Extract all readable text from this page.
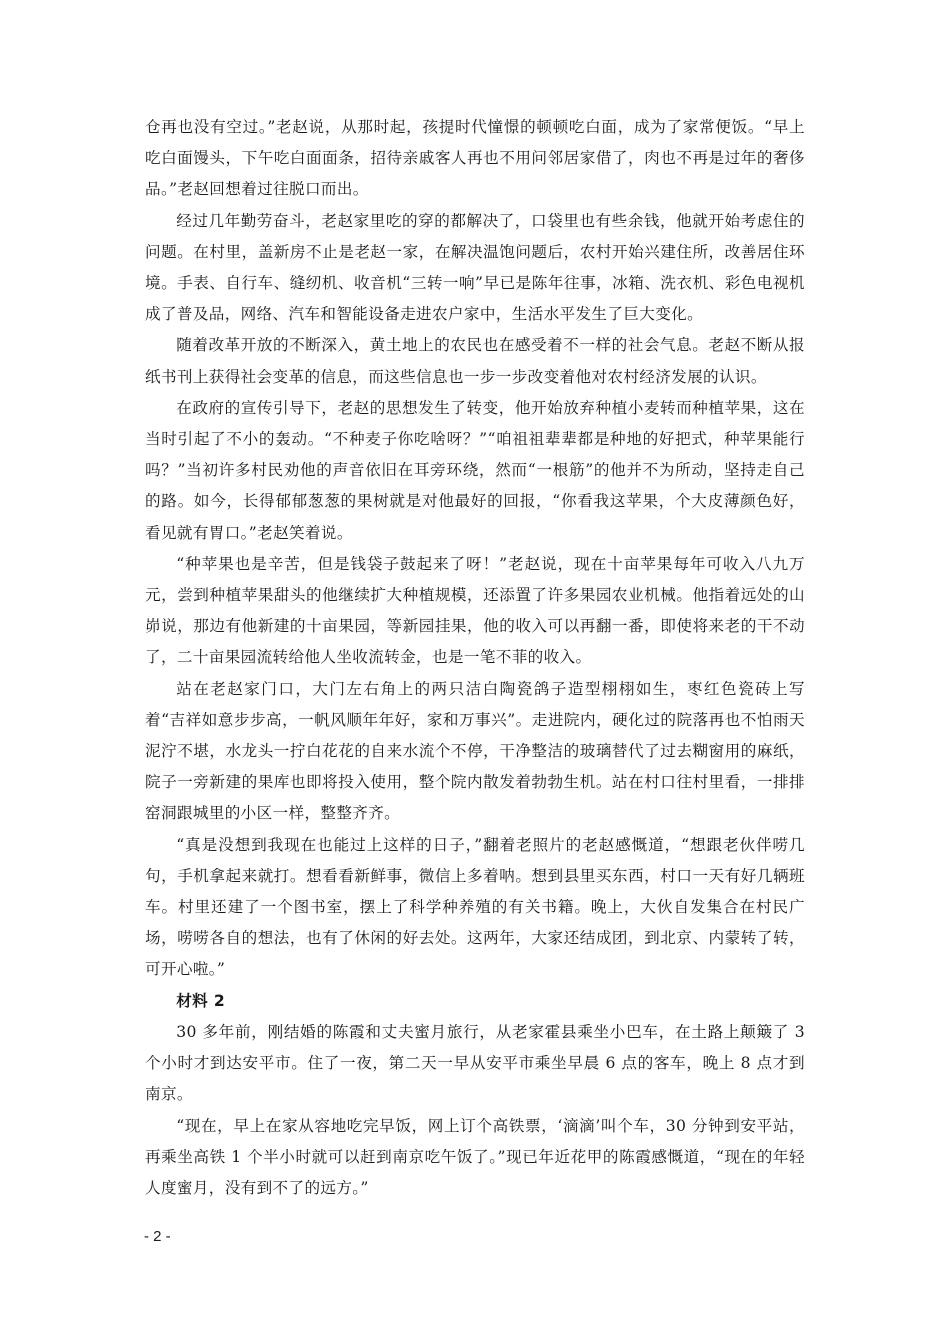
仓再也没有空过。”老赵说，从那时起，孩提时代憧憬的顿顿吃白面，成为了家常便饭。“早上吃白面馒头，下午吃白面面条，招待亲戚客人再也不用问邻居家借了，肉也不再是过年的奢侈品。”老赵回想着过往脱口而出。

经过几年勤劳奋斗，老赵家里吃的穿的都解决了，口袋里也有些余钱，他就开始考虑住的问题。在村里，盖新房不止是老赵一家，在解决温饱问题后，农村开始兴建住所，改善居住环境。手表、自行车、缝纫机、收音机“三转一响”早已是陈年往事，冰箱、洗衣机、彩色电视机成了普及品，网络、汽车和智能设备走进农户家中，生活水平发生了巨大变化。

随着改革开放的不断深入，黄土地上的农民也在感受着不一样的社会气息。老赵不断从报纸书刊上获得社会变革的信息，而这些信息也一步一步改变着他对农村经济发展的认识。

在政府的宣传引导下，老赵的思想发生了转变，他开始放弃种植小麦转而种植苹果，这在当时引起了不小的轰动。“不种麦子你吃啥呀？”“咱祖祖辈辈都是种地的好把式，种苹果能行吗？”当初许多村民劝他的声音依旧在耳旁环绕，然而“一根筋”的他并不为所动，坚持走自己的路。如今，长得郁郁葱葱的果树就是对他最好的回报，“你看我这苹果，个大皮薄颜色好，看见就有胃口。”老赵笑着说。

“种苹果也是辛苦，但是钱袋子鼓起来了呀！”老赵说，现在十亩苹果每年可收入八九万元，尝到种植苹果甜头的他继续扩大种植规模，还添置了许多果园农业机械。他指着远处的山峁说，那边有他新建的十亩果园，等新园挂果，他的收入可以再翻一番，即使将来老的干不动了，二十亩果园流转给他人坐收流转金，也是一笔不菲的收入。

站在老赵家门口，大门左右角上的两只洁白陶瓷鸽子造型栩栩如生，枣红色瓷砖上写着“吉祥如意步步高，一帆风顺年年好，家和万事兴”。走进院内，硬化过的院落再也不怕雨天泥泞不堪，水龙头一拧白花花的自来水流个不停，干净整洁的玻璃替代了过去糊窗用的麻纸，院子一旁新建的果库也即将投入使用，整个院内散发着勃勃生机。站在村口往村里看，一排排窑洞跟城里的小区一样，整整齐齐。

“真是没想到我现在也能过上这样的日子，”翻着老照片的老赵感慨道，“想跟老伙伴唠几句，手机拿起来就打。想看看新鲜事，微信上多着呐。想到县里买东西，村口一天有好几辆班车。村里还建了一个图书室，摆上了科学种养殖的有关书籍。晚上，大伙自发集合在村民广场，唠唠各自的想法，也有了休闲的好去处。这两年，大家还结成团，到北京、内蒙转了转，可开心啦。”

材料 2

30 多年前，刚结婚的陈霞和丈夫蜜月旅行，从老家霍县乘坐小巴车，在土路上颠簸了 3 个小时才到达安平市。住了一夜，第二天一早从安平市乘坐早晨 6 点的客车，晚上 8 点才到南京。

“现在，早上在家从容地吃完早饭，网上订个高铁票，‘滴滴’叫个车，30 分钟到安平站，再乘坐高铁 1 个半小时就可以赶到南京吃午饭了。”现已年近花甲的陈霞感慨道，“现在的年轻人度蜜月，没有到不了的远方。”

- 2 -
